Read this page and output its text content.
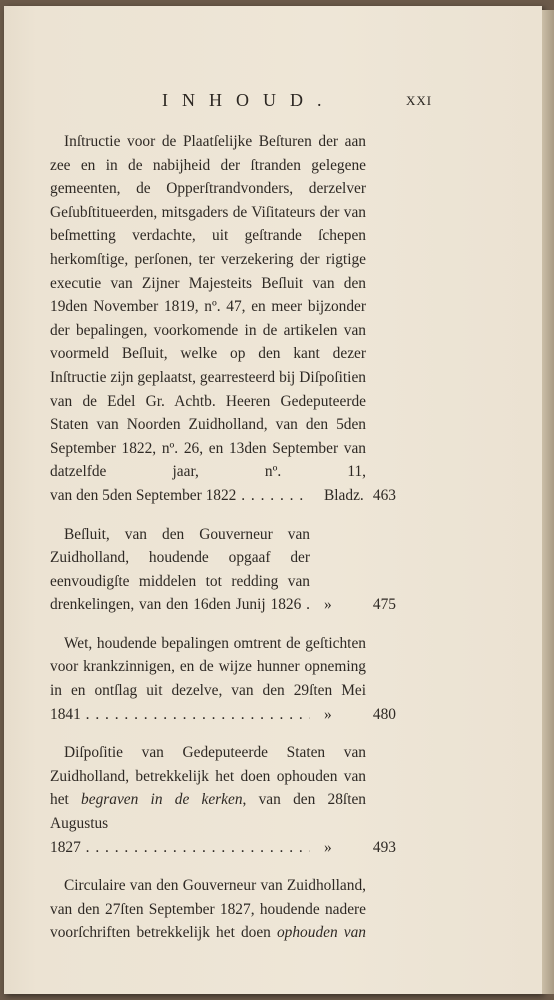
INHOUD.	XXI

Inſtructie voor de Plaatſelijke Beſturen der aan zee en in de nabijheid der ſtranden gelegene gemeenten, de Opperſtrandvonders, derzelver Geſubſtitueerden, mitsgaders de Viſitateurs der van beſmetting verdachte, uit geſtrande ſchepen herkomſtige, perſonen, ter verzekering der rigtige executie van Zijner Majesteits Beſluit van den 19den November 1819, nº. 47, en meer bijzonder der bepalingen, voorkomende in de artikelen van voormeld Beſluit, welke op den kant dezer Inſtructie zijn geplaatst, gearresteerd bij Diſpoſitien van de Edel Gr. Achtb. Heeren Gedeputeerde Staten van Noorden Zuidholland, van den 5den September 1822, nº. 26, en 13den September van datzelfde jaar, nº. 11,

van den 5den September 1822 . . .	Bladz. 463

Beſluit, van den Gouverneur van Zuidholland, houdende opgaaf der eenvoudigſte middelen tot redding van drenkelingen, van den 16den Junij 1826 . »	475

Wet, houdende bepalingen omtrent de geſtichten voor krankzinnigen, en de wijze hunner opneming in en ontſlag uit dezelve, van den 29ſten Mei

1841 . . .	»	480

Diſpoſitie van Gedeputeerde Staten van Zuidholland, betrekkelijk het doen ophouden van het begraven in de kerken, van den 28ſten Augustus

1827 . . .	»	493

Circulaire van den Gouverneur van Zuidholland, van den 27ſten September 1827, houdende nadere voorſchriften betrekkelijk het doen ophouden van
